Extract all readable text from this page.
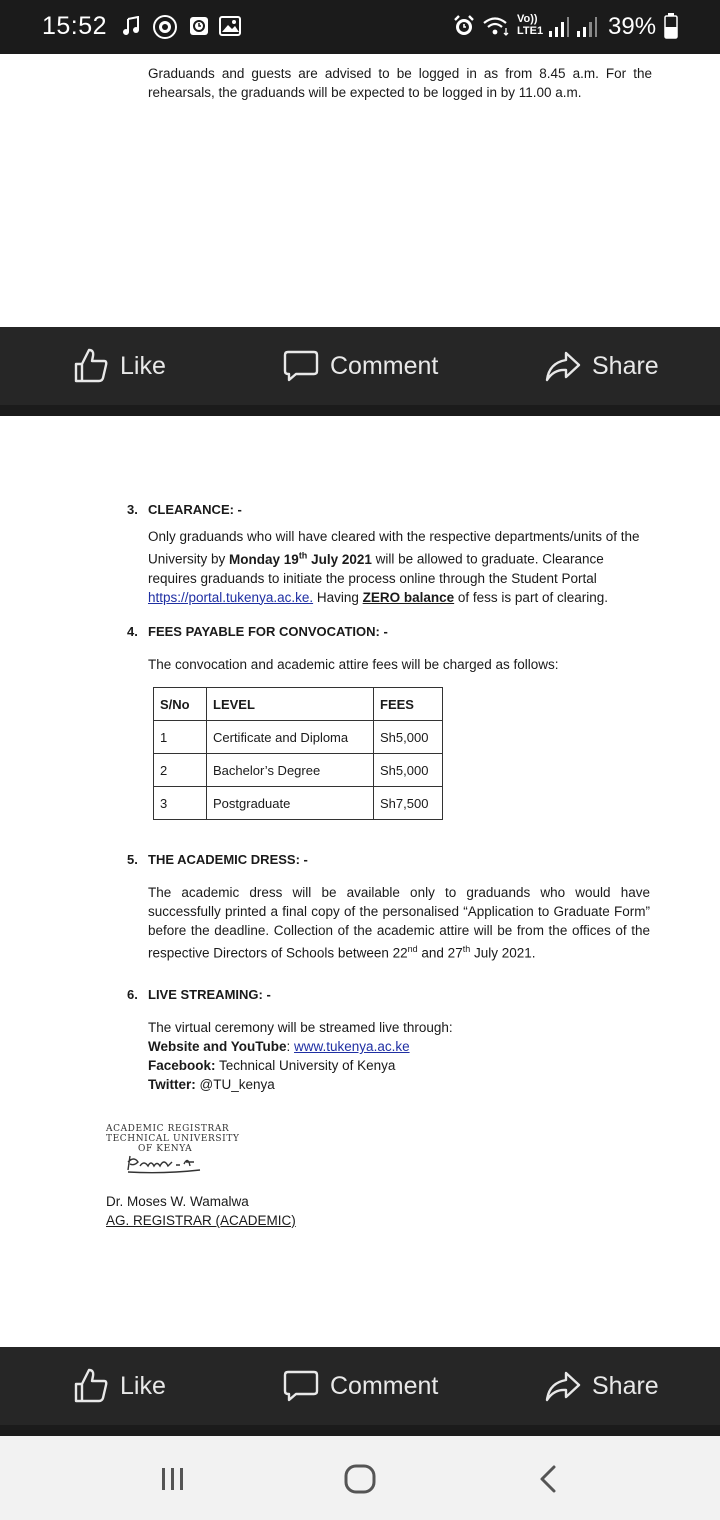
15:52	Vo))
LTE1	39%
Graduands and guests are advised to be logged in as from 8.45 a.m. For the rehearsals, the graduands will be expected to be logged in by 11.00 a.m.
Like	Comment	Share
3. CLEARANCE: -
Only graduands who will have cleared with the respective departments/units of the University by Monday 19th July 2021 will be allowed to graduate. Clearance requires graduands to initiate the process online through the Student Portal https://portal.tukenya.ac.ke. Having ZERO balance of fess is part of clearing.
4. FEES PAYABLE FOR CONVOCATION: -
The convocation and academic attire fees will be charged as follows:
S/No	LEVEL	FEES
1	Certificate and Diploma	Sh5,000
2	Bachelor’s Degree	Sh5,000
3	Postgraduate	Sh7,500
5. THE ACADEMIC DRESS: -
The academic dress will be available only to graduands who would have successfully printed a final copy of the personalised “Application to Graduate Form” before the deadline. Collection of the academic attire will be from the offices of the respective Directors of Schools between 22nd and 27th July 2021.
6. LIVE STREAMING: -
The virtual ceremony will be streamed live through:
Website and YouTube: www.tukenya.ac.ke
Facebook: Technical University of Kenya
Twitter: @TU_kenya
ACADEMIC REGISTRAR
TECHNICAL UNIVERSITY
OF KENYA
Dr. Moses W. Wamalwa
AG. REGISTRAR (ACADEMIC)
Like	Comment	Share
